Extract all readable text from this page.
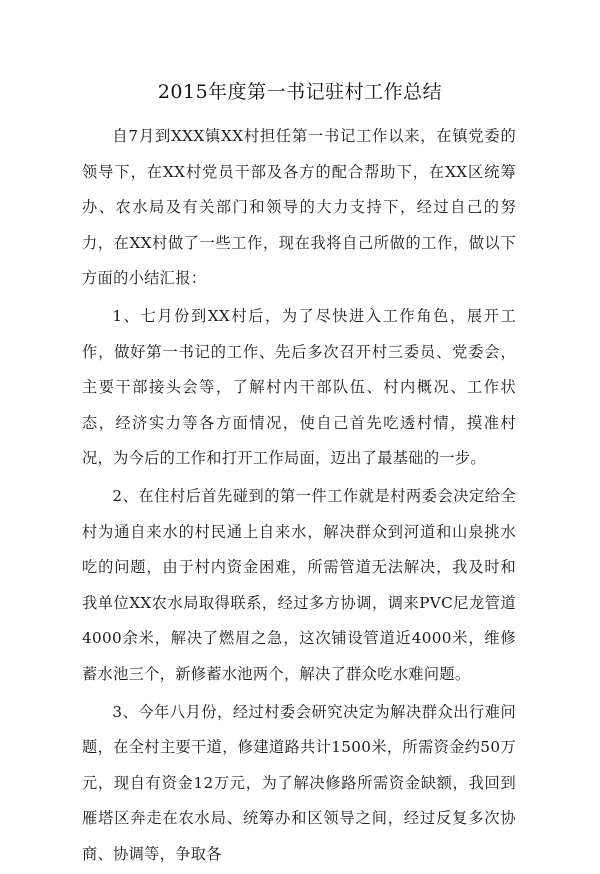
2015年度第一书记驻村工作总结

自7月到XXX镇XX村担任第一书记工作以来，在镇党委的领导下，在XX村党员干部及各方的配合帮助下，在XX区统筹办、农水局及有关部门和领导的大力支持下，经过自己的努力，在XX村做了一些工作，现在我将自己所做的工作，做以下方面的小结汇报：

1、七月份到XX村后，为了尽快进入工作角色，展开工作，做好第一书记的工作、先后多次召开村三委员、党委会，主要干部接头会等，了解村内干部队伍、村内概况、工作状态，经济实力等各方面情况，使自己首先吃透村情，摸准村况，为今后的工作和打开工作局面，迈出了最基础的一步。

2、在住村后首先碰到的第一件工作就是村两委会决定给全村为通自来水的村民通上自来水，解决群众到河道和山泉挑水吃的问题，由于村内资金困难，所需管道无法解决，我及时和我单位XX农水局取得联系，经过多方协调，调来PVC尼龙管道4000余米，解决了燃眉之急，这次铺设管道近4000米，维修蓄水池三个，新修蓄水池两个，解决了群众吃水难问题。

3、今年八月份，经过村委会研究决定为解决群众出行难问题，在全村主要干道，修建道路共计1500米，所需资金约50万元，现自有资金12万元，为了解决修路所需资金缺额，我回到雁塔区奔走在农水局、统筹办和区领导之间，经过反复多次协商、协调等，争取各
